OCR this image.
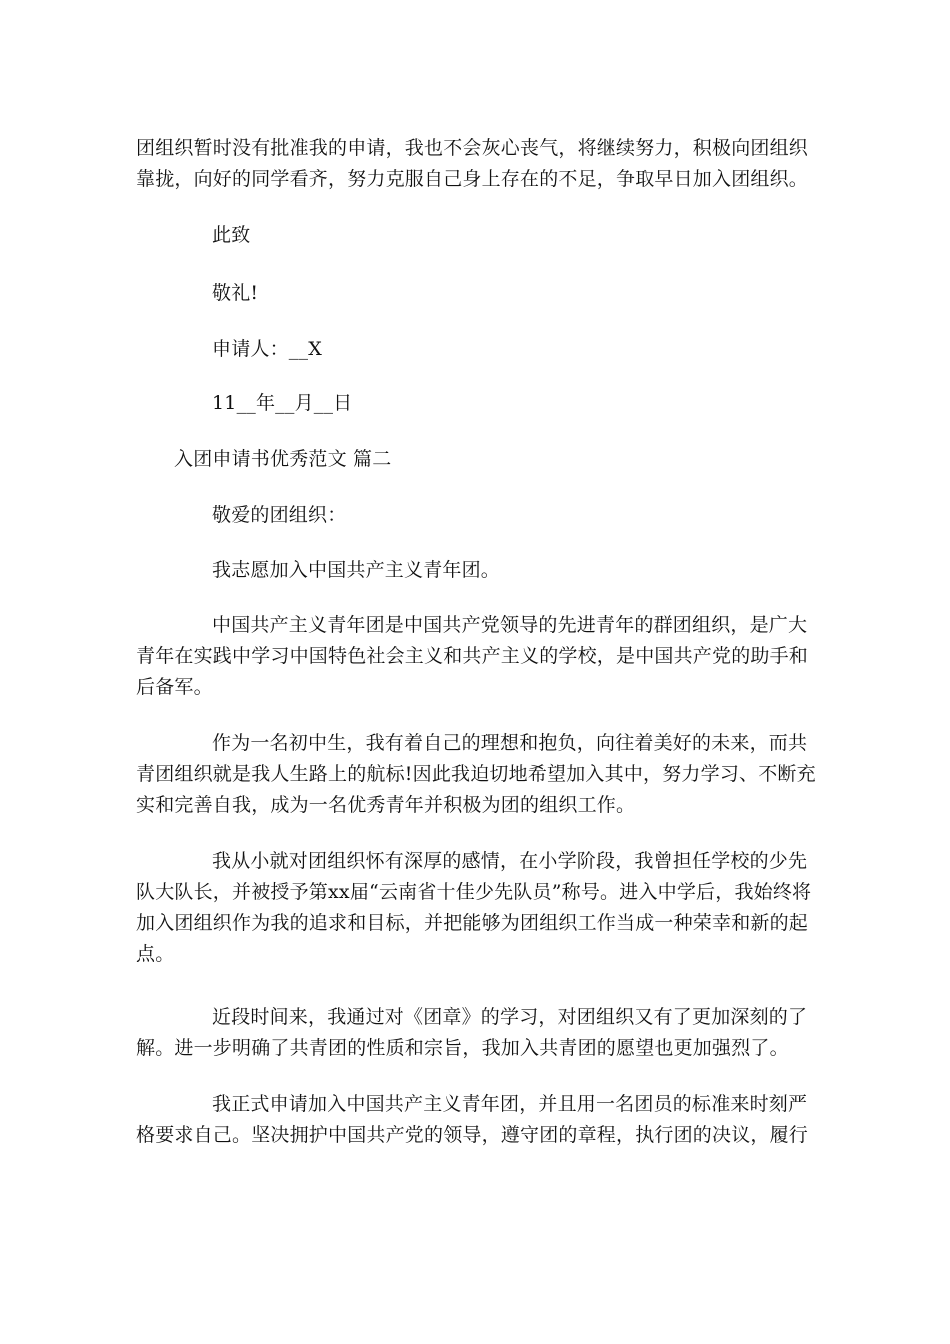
团组织暂时没有批准我的申请，我也不会灰心丧气，将继续努力，积极向团组织靠拢，向好的同学看齐，努力克服自己身上存在的不足，争取早日加入团组织。

此致

敬礼!

申请人：__X

11__年__月__日

入团申请书优秀范文 篇二

敬爱的团组织：

我志愿加入中国共产主义青年团。

中国共产主义青年团是中国共产党领导的先进青年的群团组织，是广大青年在实践中学习中国特色社会主义和共产主义的学校，是中国共产党的助手和后备军。

作为一名初中生，我有着自己的理想和抱负，向往着美好的未来，而共青团组织就是我人生路上的航标!因此我迫切地希望加入其中，努力学习、不断充实和完善自我，成为一名优秀青年并积极为团的组织工作。

我从小就对团组织怀有深厚的感情，在小学阶段，我曾担任学校的少先队大队长，并被授予第xx届“云南省十佳少先队员”称号。进入中学后，我始终将加入团组织作为我的追求和目标，并把能够为团组织工作当成一种荣幸和新的起点。

近段时间来，我通过对《团章》的学习，对团组织又有了更加深刻的了解。进一步明确了共青团的性质和宗旨，我加入共青团的愿望也更加强烈了。

我正式申请加入中国共产主义青年团，并且用一名团员的标准来时刻严格要求自己。坚决拥护中国共产党的领导，遵守团的章程，执行团的决议，履行
